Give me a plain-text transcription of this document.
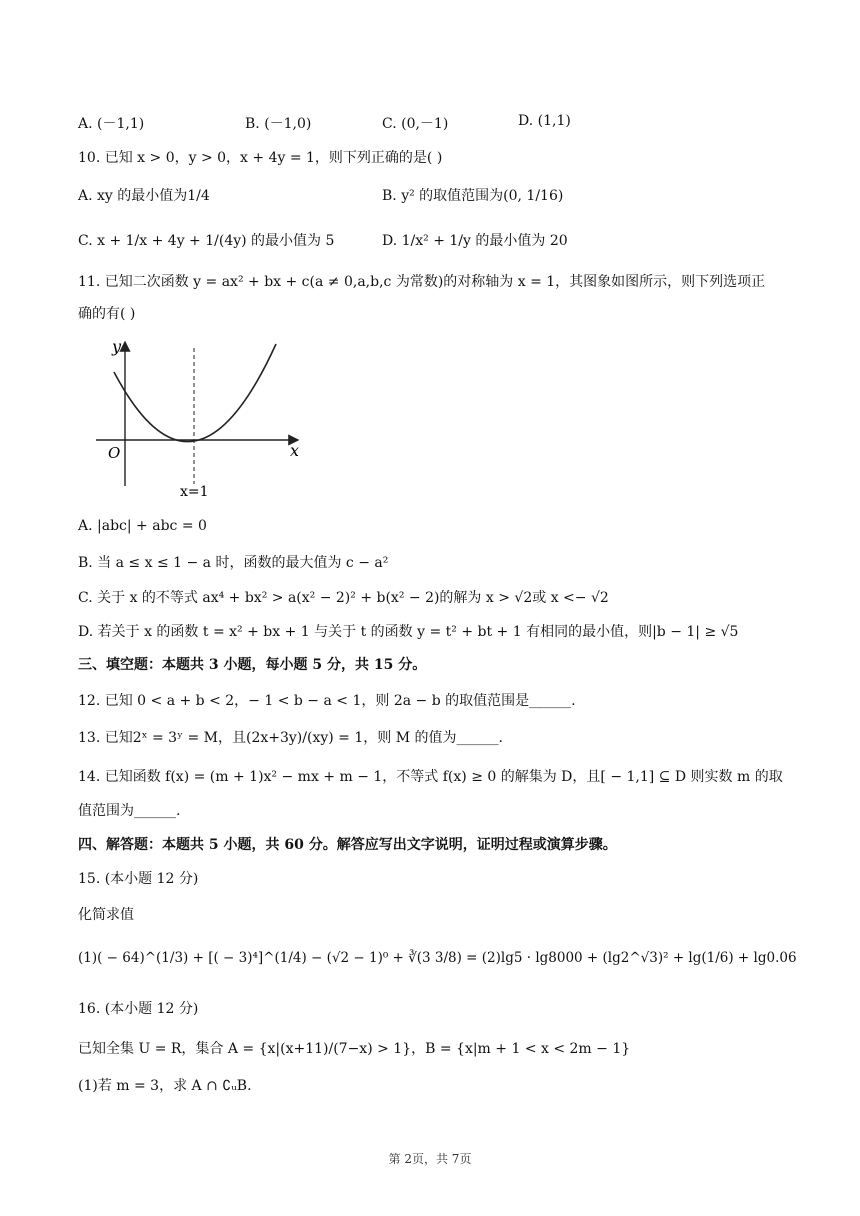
A. (－1,1)	B. (－1,0)	C. (0,－1)	D. (1,1)
10. 已知 x > 0，y > 0，x + 4y = 1，则下列正确的是( )
A. xy 的最小值为1/4	B. y² 的取值范围为(0, 1/16)
C. x + 1/x + 4y + 1/(4y) 的最小值为 5	D. 1/x² + 1/y 的最小值为 20
11. 已知二次函数 y = ax² + bx + c(a ≠ 0,a,b,c 为常数)的对称轴为 x = 1，其图象如图所示，则下列选项正
确的有( )
y
x
O
x=1
A. |abc| + abc = 0
B. 当 a ≤ x ≤ 1 − a 时，函数的最大值为 c − a²
C. 关于 x 的不等式 ax⁴ + bx² > a(x² − 2)² + b(x² − 2)的解为 x > √2或 x <− √2
D. 若关于 x 的函数 t = x² + bx + 1 与关于 t 的函数 y = t² + bt + 1 有相同的最小值，则|b − 1| ≥ √5
三、填空题：本题共 3 小题，每小题 5 分，共 15 分。
12. 已知 0 < a + b < 2，− 1 < b − a < 1，则 2a − b 的取值范围是______.
13. 已知2ˣ = 3ʸ = M，且(2x+3y)/(xy) = 1，则 M 的值为______.
14. 已知函数 f(x) = (m + 1)x² − mx + m − 1，不等式 f(x) ≥ 0 的解集为 D，且[ − 1,1] ⊆ D 则实数 m 的取
值范围为______.
四、解答题：本题共 5 小题，共 60 分。解答应写出文字说明，证明过程或演算步骤。
15. (本小题 12 分)
化简求值
(1)( − 64)^(1/3) + [( − 3)⁴]^(1/4) − (√2 − 1)⁰ + ∛(3 3/8) = (2)lg5 · lg8000 + (lg2^√3)² + lg(1/6) + lg0.06
16. (本小题 12 分)
已知全集 U = R，集合 A = {x|(x+11)/(7−x) > 1}，B = {x|m + 1 < x < 2m − 1}
(1)若 m = 3，求 A ∩ ∁ᵤB.
第 2页，共 7页
